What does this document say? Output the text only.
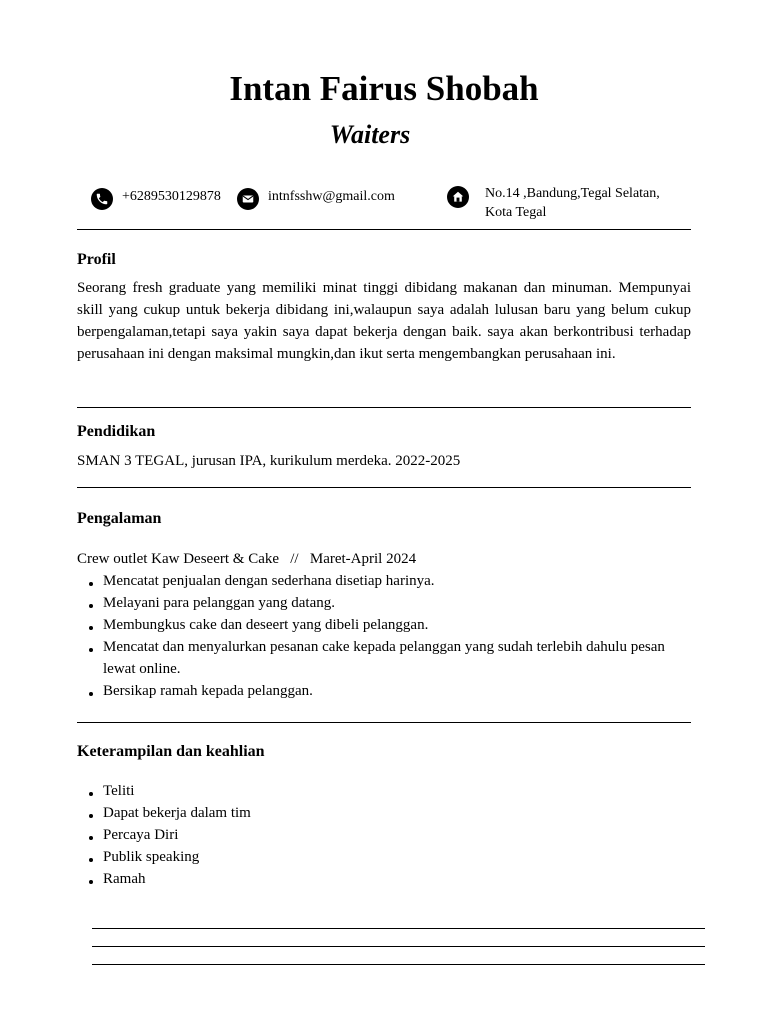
Intan Fairus Shobah
Waiters
+6289530129878	intnfsshw@gmail.com	No.14 ,Bandung,Tegal Selatan, Kota Tegal
Profil

Seorang fresh graduate yang memiliki minat tinggi dibidang makanan dan minuman. Mempunyai skill yang cukup untuk bekerja dibidang ini,walaupun saya adalah lulusan baru yang belum cukup berpengalaman,tetapi saya yakin saya dapat bekerja dengan baik. saya akan berkontribusi terhadap perusahaan ini dengan maksimal mungkin,dan ikut serta mengembangkan perusahaan ini.

Pendidikan
SMAN 3 TEGAL, jurusan IPA, kurikulum merdeka. 2022-2025
Pengalaman
Crew outlet Kaw Deseert & Cake   //   Maret-April 2024
Mencatat penjualan dengan sederhana disetiap harinya.
Melayani para pelanggan yang datang.
Membungkus cake dan deseert yang dibeli pelanggan.
Mencatat dan menyalurkan pesanan cake kepada pelanggan yang sudah terlebih dahulu pesan lewat online.
Bersikap ramah kepada pelanggan.
Keterampilan dan keahlian
Teliti
Dapat bekerja dalam tim
Percaya Diri
Publik speaking
Ramah
